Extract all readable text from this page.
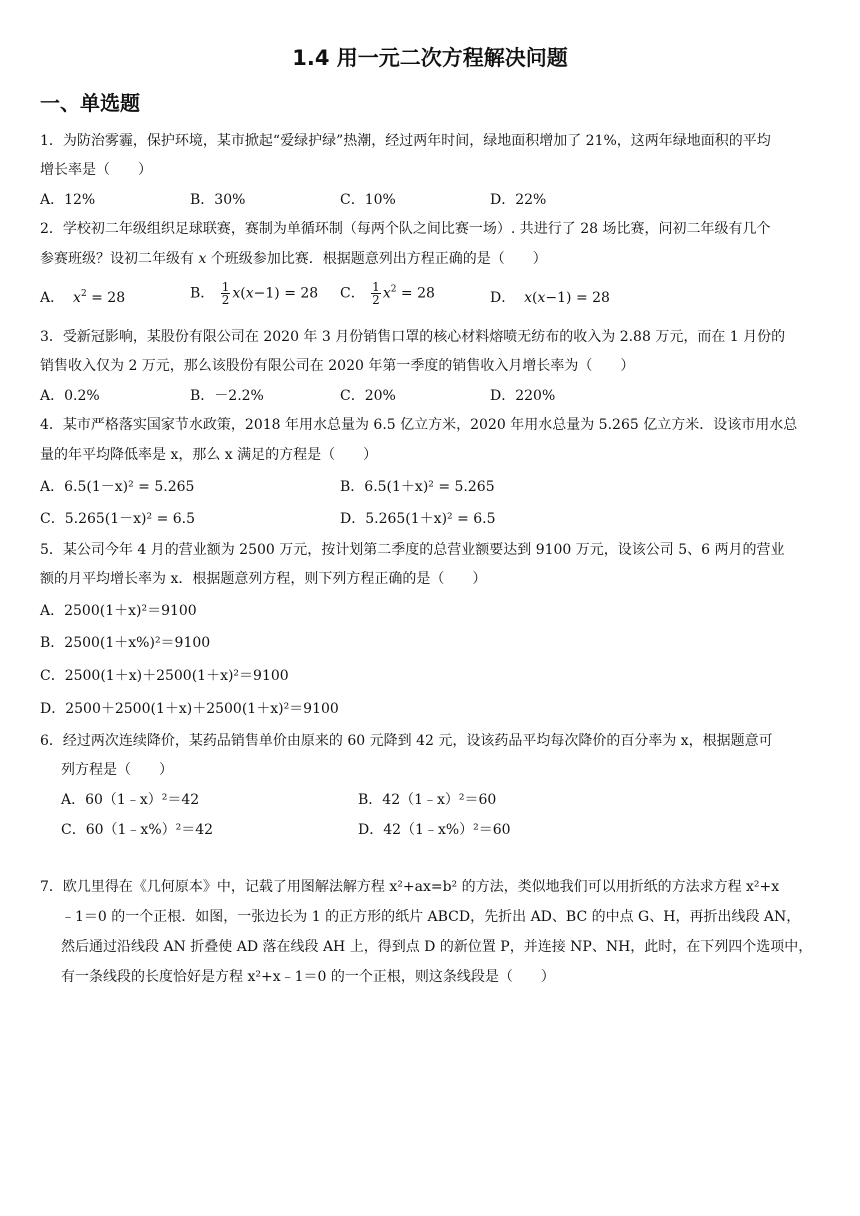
1.4 用一元二次方程解决问题
一、单选题
1．为防治雾霾，保护环境，某市掀起“爱绿护绿”热潮，经过两年时间，绿地面积增加了 21%，这两年绿地面积的平均
增长率是（　　）
A．12%	B．30%	C．10%	D．22%
2．学校初二年级组织足球联赛，赛制为单循环制（每两个队之间比赛一场）. 共进行了 28 场比赛，问初二年级有几个
参赛班级？设初二年级有 x 个班级参加比赛．根据题意列出方程正确的是（　　）
A． $x^2 = 28$	B． $\frac{1}{2} x(x-1) = 28$ C． $\frac{1}{2} x^2 = 28$	D． x(x−1) = 28
3．受新冠影响，某股份有限公司在 2020 年 3 月份销售口罩的核心材料熔喷无纺布的收入为 2.88 万元，而在 1 月份的
销售收入仅为 2 万元，那么该股份有限公司在 2020 年第一季度的销售收入月增长率为（　　）
A．0.2%	B．－2.2%	C．20%	D．220%
4．某市严格落实国家节水政策，2018 年用水总量为 6.5 亿立方米，2020 年用水总量为 5.265 亿立方米．设该市用水总
量的年平均降低率是 x，那么 x 满足的方程是（　　）
A．6.5(1－x)² = 5.265	B．6.5(1＋x)² = 5.265
C．5.265(1－x)² = 6.5	D．5.265(1＋x)² = 6.5
5．某公司今年 4 月的营业额为 2500 万元，按计划第二季度的总营业额要达到 9100 万元，设该公司 5、6 两月的营业
额的月平均增长率为 x．根据题意列方程，则下列方程正确的是（　　）
A．2500(1＋x)²＝9100
B．2500(1＋x%)²＝9100
C．2500(1＋x)＋2500(1＋x)²＝9100
D．2500＋2500(1＋x)＋2500(1＋x)²＝9100
6．经过两次连续降价，某药品销售单价由原来的 60 元降到 42 元，设该药品平均每次降价的百分率为 x，根据题意可
列方程是（　　）
A．60（1﹣x）²＝42	B．42（1﹣x）²＝60
C．60（1﹣x%）²＝42	D．42（1﹣x%）²＝60
7．欧几里得在《几何原本》中，记载了用图解法解方程 x²+ax=b² 的方法，类似地我们可以用折纸的方法求方程 x²+x
﹣1＝0 的一个正根．如图，一张边长为 1 的正方形的纸片 ABCD，先折出 AD、BC 的中点 G、H，再折出线段 AN，
然后通过沿线段 AN 折叠使 AD 落在线段 AH 上，得到点 D 的新位置 P，并连接 NP、NH，此时，在下列四个选项中，
有一条线段的长度恰好是方程 x²+x﹣1＝0 的一个正根，则这条线段是（　　）
